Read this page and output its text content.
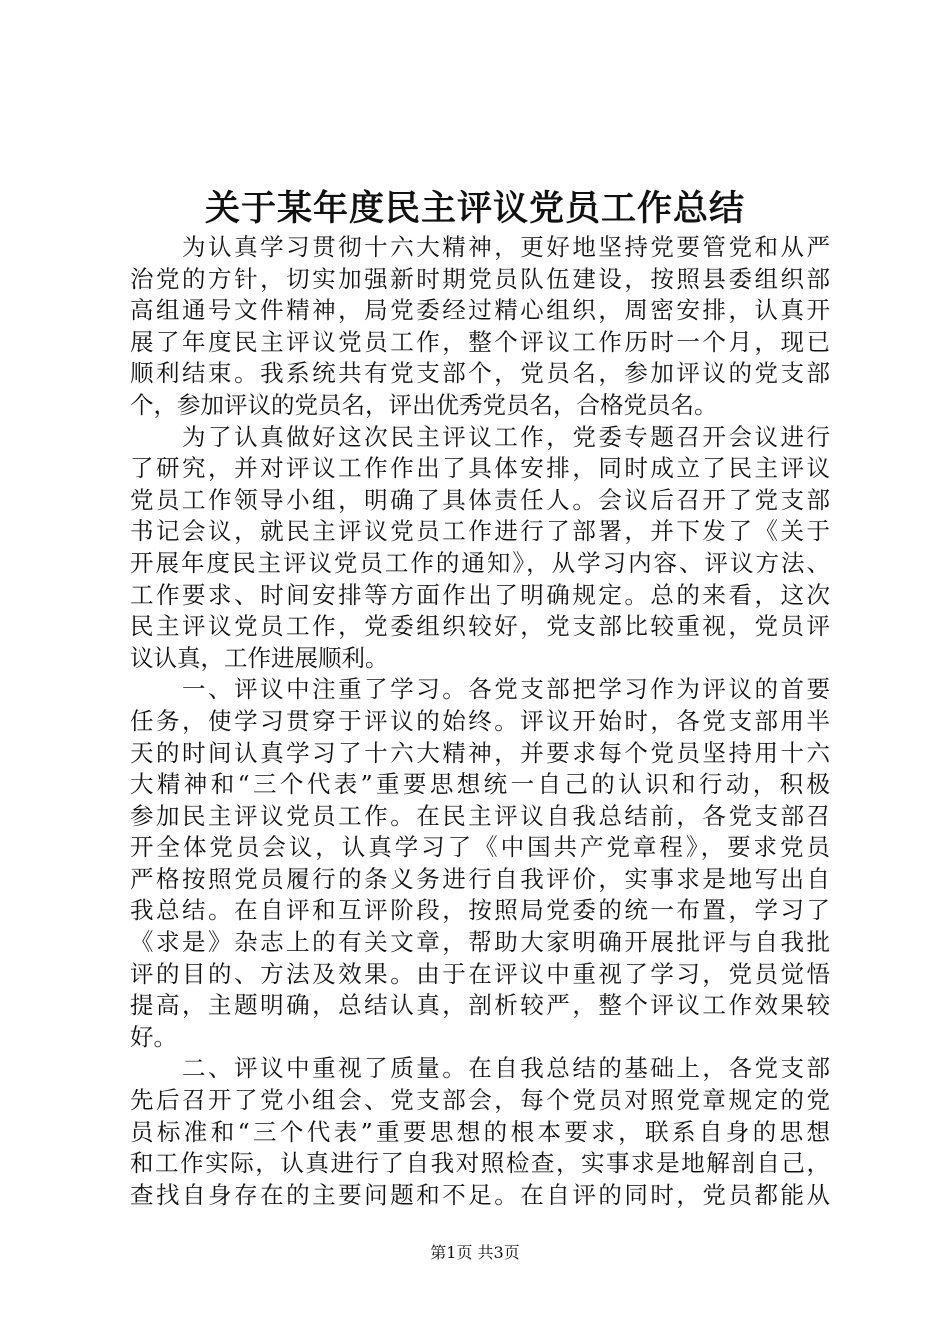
关于某年度民主评议党员工作总结
　　为认真学习贯彻十六大精神，更好地坚持党要管党和从严
治党的方针，切实加强新时期党员队伍建设，按照县委组织部
高组通号文件精神，局党委经过精心组织，周密安排，认真开
展了年度民主评议党员工作，整个评议工作历时一个月，现已
顺利结束。我系统共有党支部个，党员名，参加评议的党支部
个，参加评议的党员名，评出优秀党员名，合格党员名。
　　为了认真做好这次民主评议工作，党委专题召开会议进行
了研究，并对评议工作作出了具体安排，同时成立了民主评议
党员工作领导小组，明确了具体责任人。会议后召开了党支部
书记会议，就民主评议党员工作进行了部署，并下发了《关于
开展年度民主评议党员工作的通知》，从学习内容、评议方法、
工作要求、时间安排等方面作出了明确规定。总的来看，这次
民主评议党员工作，党委组织较好，党支部比较重视，党员评
议认真，工作进展顺利。
　　一、评议中注重了学习。各党支部把学习作为评议的首要
任务，使学习贯穿于评议的始终。评议开始时，各党支部用半
天的时间认真学习了十六大精神，并要求每个党员坚持用十六
大精神和“三个代表”重要思想统一自己的认识和行动，积极
参加民主评议党员工作。在民主评议自我总结前，各党支部召
开全体党员会议，认真学习了《中国共产党章程》，要求党员
严格按照党员履行的条义务进行自我评价，实事求是地写出自
我总结。在自评和互评阶段，按照局党委的统一布置，学习了
《求是》杂志上的有关文章，帮助大家明确开展批评与自我批
评的目的、方法及效果。由于在评议中重视了学习，党员觉悟
提高，主题明确，总结认真，剖析较严，整个评议工作效果较
好。
　　二、评议中重视了质量。在自我总结的基础上，各党支部
先后召开了党小组会、党支部会，每个党员对照党章规定的党
员标准和“三个代表”重要思想的根本要求，联系自身的思想
和工作实际，认真进行了自我对照检查，实事求是地解剖自己，
查找自身存在的主要问题和不足。在自评的同时，党员都能从
第1页 共3页
